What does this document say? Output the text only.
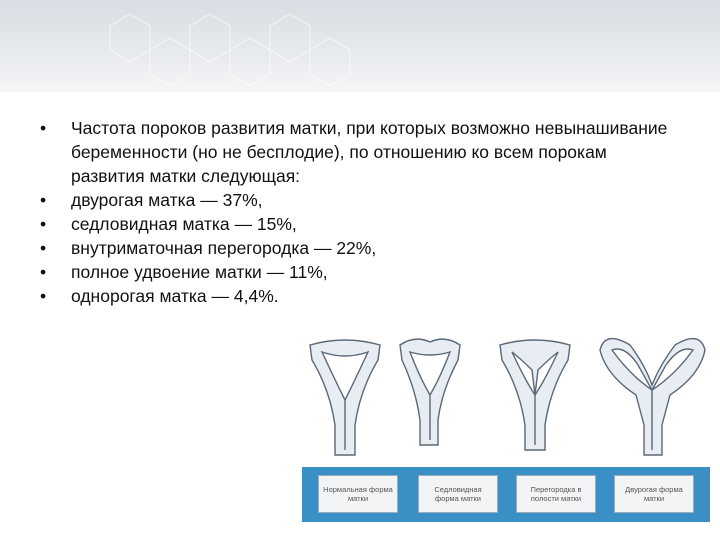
• Частота пороков развития матки, при которых возможно невынашивание беременности (но не бесплодие), по отношению ко всем порокам развития матки следующая:
• двурогая матка — 37%,
• седловидная матка — 15%,
• внутриматочная перегородка — 22%,
• полное удвоение матки — 11%,
• однорогая матка — 4,4%.
Нормальная форма матки
Седловидная форма матки
Перегородка в полости матки
Двурогая форма матки
